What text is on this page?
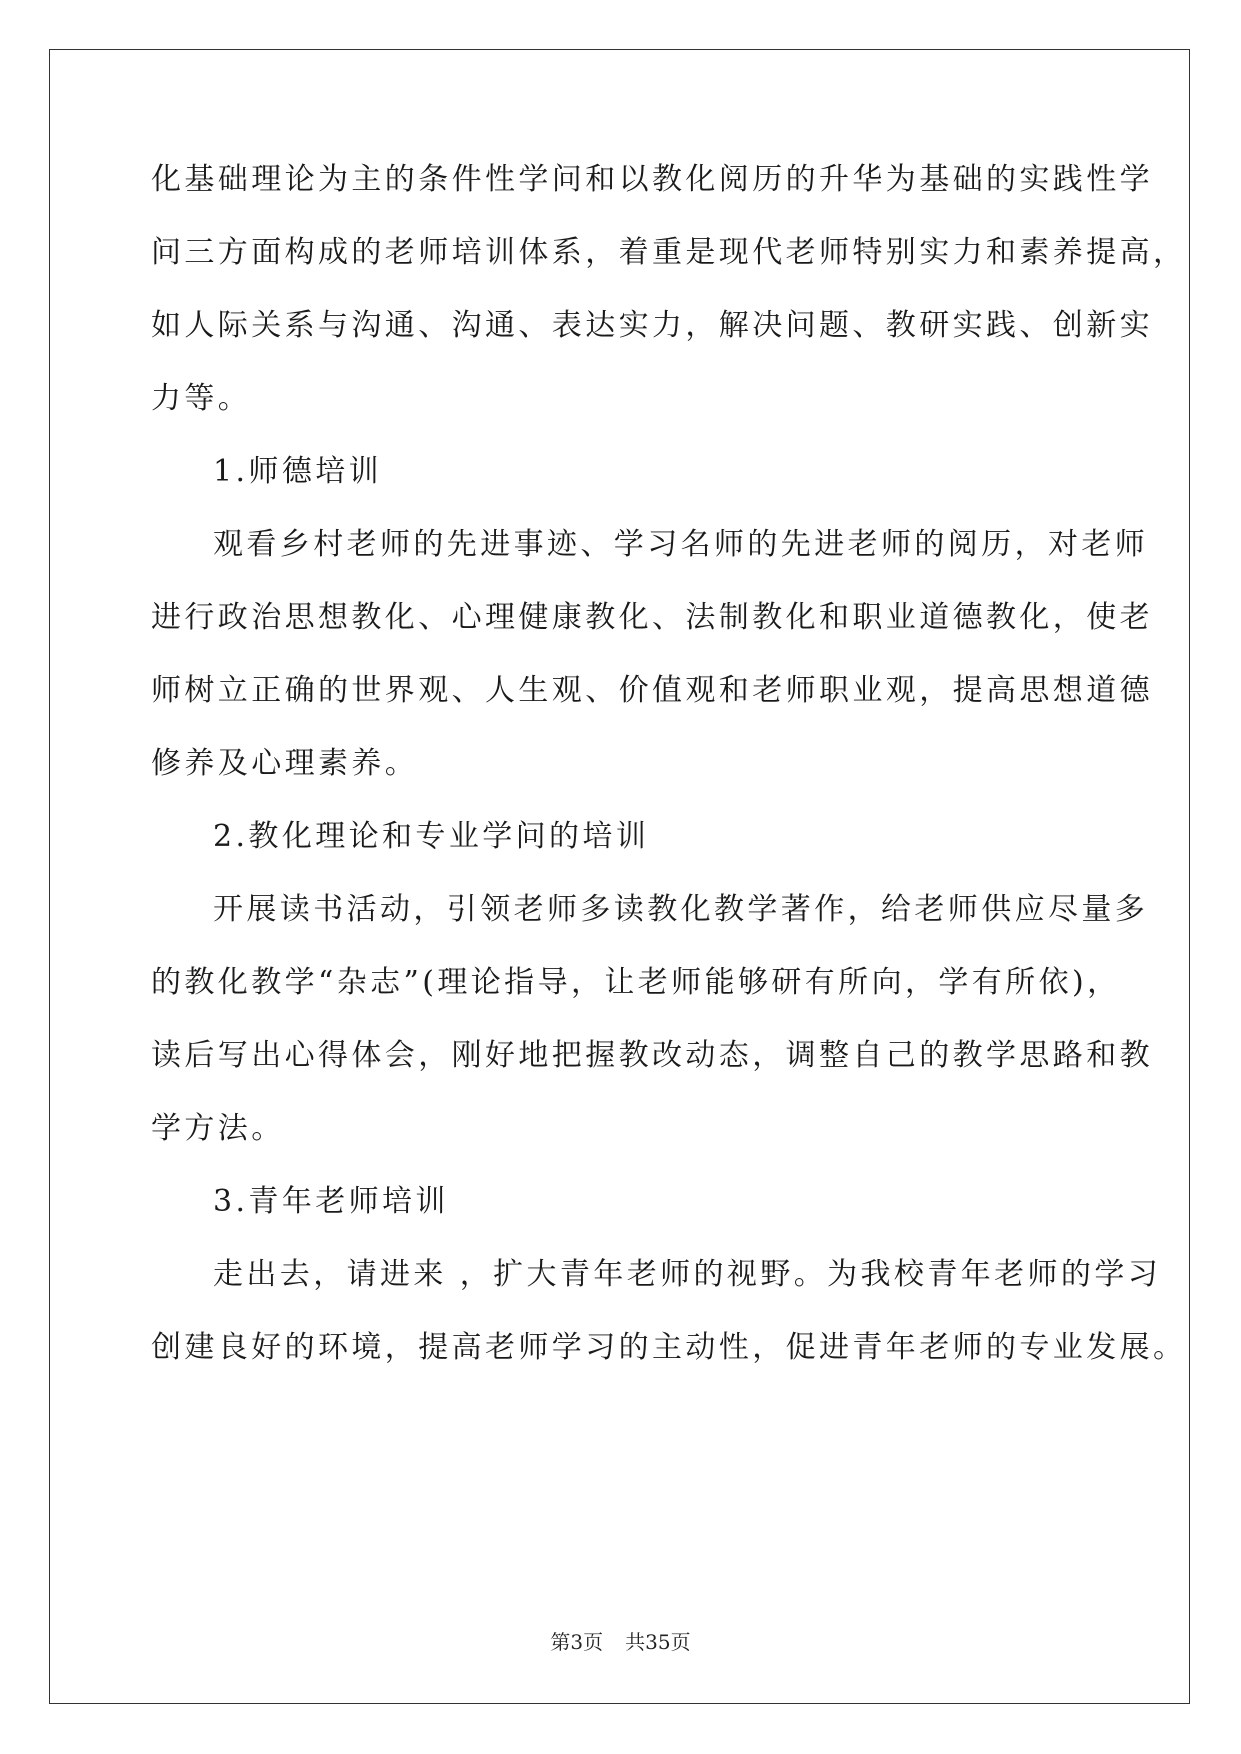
化基础理论为主的条件性学问和以教化阅历的升华为基础的实践性学
问三方面构成的老师培训体系，着重是现代老师特别实力和素养提高，
如人际关系与沟通、沟通、表达实力，解决问题、教研实践、创新实
力等。
1.师德培训
观看乡村老师的先进事迹、学习名师的先进老师的阅历，对老师
进行政治思想教化、心理健康教化、法制教化和职业道德教化，使老
师树立正确的世界观、人生观、价值观和老师职业观，提高思想道德
修养及心理素养。
2.教化理论和专业学问的培训
开展读书活动，引领老师多读教化教学著作，给老师供应尽量多
的教化教学“杂志”(理论指导，让老师能够研有所向，学有所依)，
读后写出心得体会，刚好地把握教改动态，调整自己的教学思路和教
学方法。
3.青年老师培训
走出去，请进来 ，扩大青年老师的视野。为我校青年老师的学习
创建良好的环境，提高老师学习的主动性，促进青年老师的专业发展。
第3页 共35页
